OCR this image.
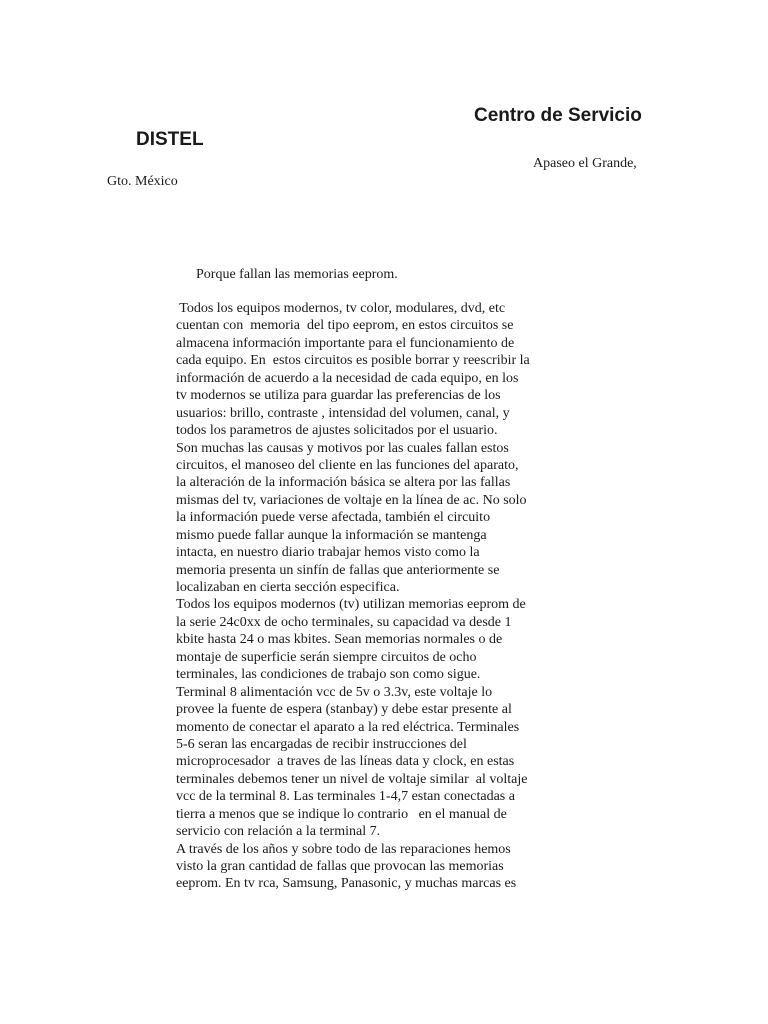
Centro de Servicio
DISTEL

Apaseo el Grande,

Gto. México

Porque fallan las memorias eeprom.

Todos los equipos modernos, tv color, modulares, dvd, etc
cuentan con  memoria  del tipo eeprom, en estos circuitos se
almacena información importante para el funcionamiento de
cada equipo. En  estos circuitos es posible borrar y reescribir la
información de acuerdo a la necesidad de cada equipo, en los
tv modernos se utiliza para guardar las preferencias de los
usuarios: brillo, contraste , intensidad del volumen, canal, y
todos los parametros de ajustes solicitados por el usuario.
Son muchas las causas y motivos por las cuales fallan estos
circuitos, el manoseo del cliente en las funciones del aparato,
la alteración de la información básica se altera por las fallas
mismas del tv, variaciones de voltaje en la línea de ac. No solo
la información puede verse afectada, también el circuito
mismo puede fallar aunque la información se mantenga
intacta, en nuestro diario trabajar hemos visto como la
memoria presenta un sinfín de fallas que anteriormente se
localizaban en cierta sección especifica.
Todos los equipos modernos (tv) utilizan memorias eeprom de
la serie 24c0xx de ocho terminales, su capacidad va desde 1
kbite hasta 24 o mas kbites. Sean memorias normales o de
montaje de superficie serán siempre circuitos de ocho
terminales, las condiciones de trabajo son como sigue.
Terminal 8 alimentación vcc de 5v o 3.3v, este voltaje lo
provee la fuente de espera (stanbay) y debe estar presente al
momento de conectar el aparato a la red eléctrica. Terminales
5-6 seran las encargadas de recibir instrucciones del
microprocesador  a traves de las líneas data y clock, en estas
terminales debemos tener un nivel de voltaje similar  al voltaje
vcc de la terminal 8. Las terminales 1-4,7 estan conectadas a
tierra a menos que se indique lo contrario   en el manual de
servicio con relación a la terminal 7.
A través de los años y sobre todo de las reparaciones hemos
visto la gran cantidad de fallas que provocan las memorias
eeprom. En tv rca, Samsung, Panasonic, y muchas marcas es
